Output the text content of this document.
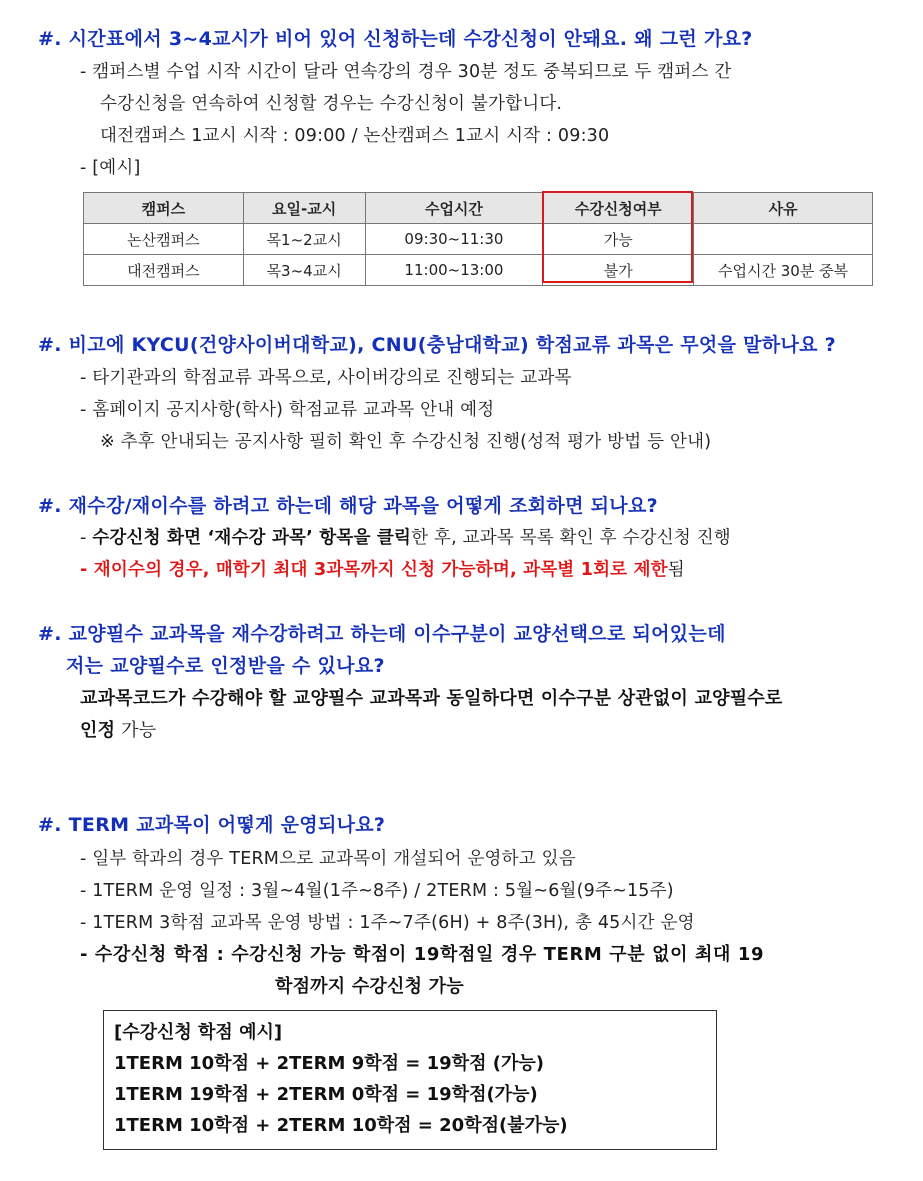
#. 시간표에서 3~4교시가 비어 있어 신청하는데 수강신청이 안돼요. 왜 그런 가요?
- 캠퍼스별 수업 시작 시간이 달라 연속강의 경우 30분 정도 중복되므로 두 캠퍼스 간
수강신청을 연속하여 신청할 경우는 수강신청이 불가합니다.
대전캠퍼스 1교시 시작 : 09:00 / 논산캠퍼스 1교시 시작 : 09:30
- [예시]
캠퍼스	요일-교시	수업시간	수강신청여부	사유
논산캠퍼스	목1~2교시	09:30~11:30	가능	
대전캠퍼스	목3~4교시	11:00~13:00	불가	수업시간 30분 중복
#. 비고에 KYCU(건양사이버대학교), CNU(충남대학교) 학점교류 과목은 무엇을 말하나요 ?
- 타기관과의 학점교류 과목으로, 사이버강의로 진행되는 교과목
- 홈페이지 공지사항(학사) 학점교류 교과목 안내 예정
※ 추후 안내되는 공지사항 필히 확인 후 수강신청 진행(성적 평가 방법 등 안내)
#. 재수강/재이수를 하려고 하는데 해당 과목을 어떻게 조회하면 되나요?
- 수강신청 화면 ‘재수강 과목’ 항목을 클릭한 후, 교과목 목록 확인 후 수강신청 진행
- 재이수의 경우, 매학기 최대 3과목까지 신청 가능하며, 과목별 1회로 제한됨
#. 교양필수 교과목을 재수강하려고 하는데 이수구분이 교양선택으로 되어있는데
저는 교양필수로 인정받을 수 있나요?
교과목코드가 수강해야 할 교양필수 교과목과 동일하다면 이수구분 상관없이 교양필수로
인정 가능
#. TERM 교과목이 어떻게 운영되나요?
- 일부 학과의 경우 TERM으로 교과목이 개설되어 운영하고 있음
- 1TERM 운영 일정 : 3월~4월(1주~8주) / 2TERM : 5월~6월(9주~15주)
- 1TERM 3학점 교과목 운영 방법 : 1주~7주(6H) + 8주(3H), 총 45시간 운영
- 수강신청 학점 : 수강신청 가능 학점이 19학점일 경우 TERM 구분 없이 최대 19
학점까지 수강신청 가능
[수강신청 학점 예시]
1TERM 10학점 + 2TERM 9학점 = 19학점 (가능)
1TERM 19학점 + 2TERM 0학점 = 19학점(가능)
1TERM 10학점 + 2TERM 10학점 = 20학점(불가능)
